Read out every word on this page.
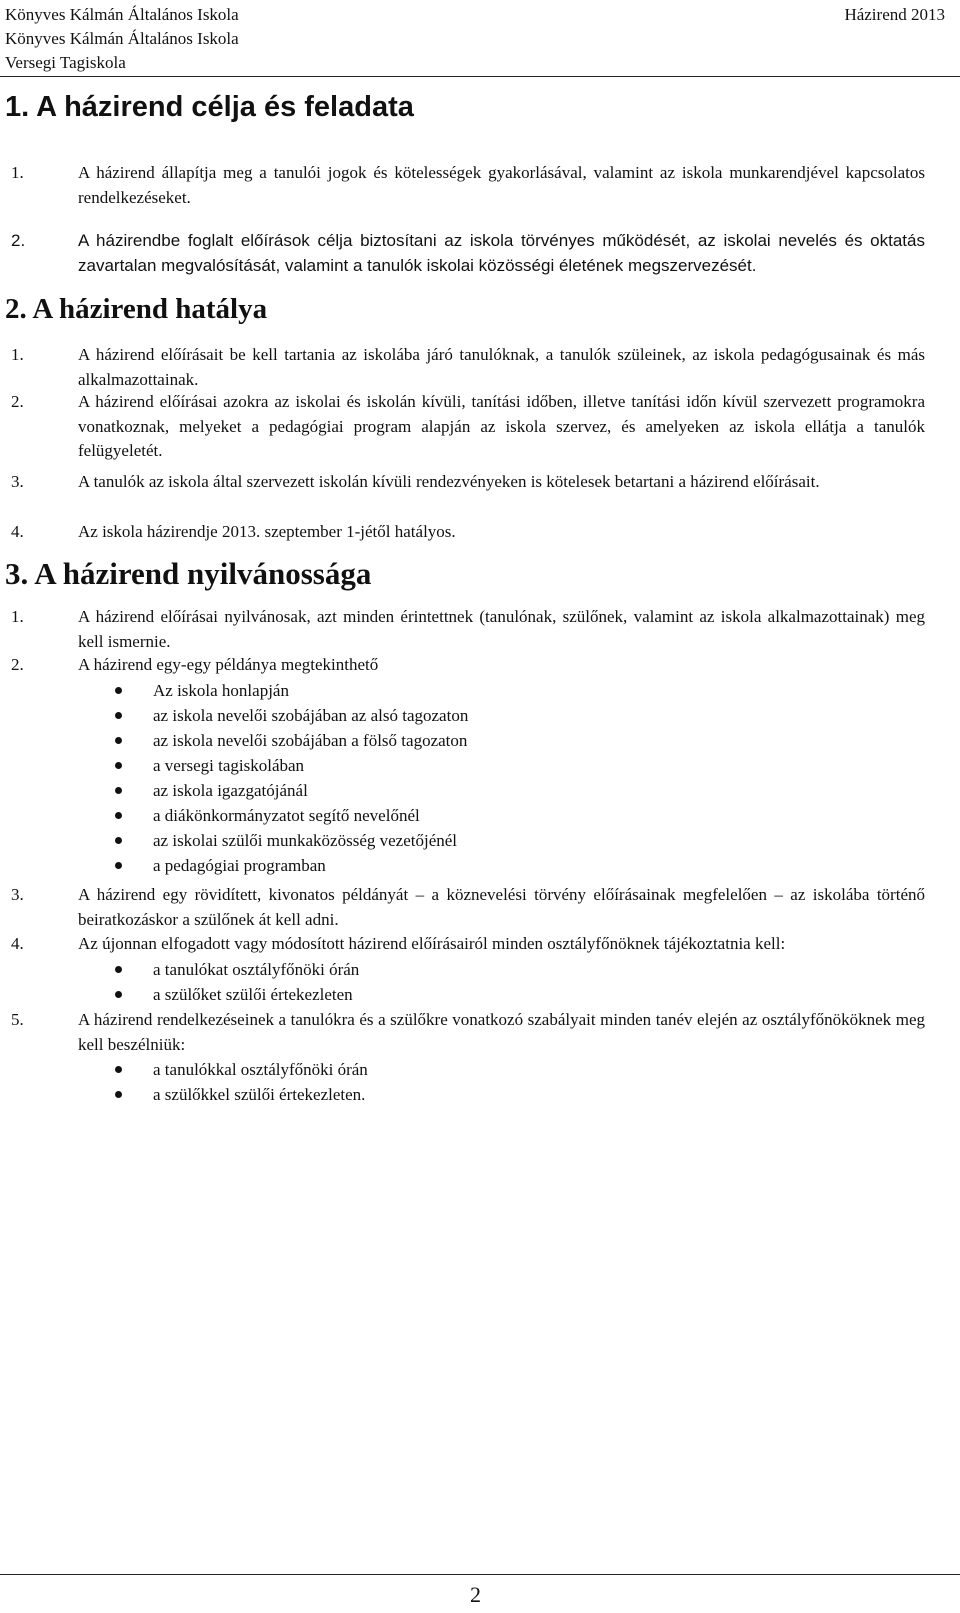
Könyves Kálmán Általános Iskola	Házirend 2013
Könyves Kálmán Általános Iskola
Versegi Tagiskola
1. A házirend célja és feladata
1.	A házirend állapítja meg a tanulói jogok és kötelességek gyakorlásával, valamint az iskola munkarendjével kapcsolatos rendelkezéseket.
2.	A házirendbe foglalt előírások célja biztosítani az iskola törvényes működését, az iskolai nevelés és oktatás zavartalan megvalósítását, valamint a tanulók iskolai közösségi életének megszervezését.
2. A házirend hatálya
1.	A házirend előírásait be kell tartania az iskolába járó tanulóknak, a tanulók szüleinek, az iskola pedagógusainak és más alkalmazottainak.
2.	A házirend előírásai azokra az iskolai és iskolán kívüli, tanítási időben, illetve tanítási időn kívül szervezett programokra vonatkoznak, melyeket a pedagógiai program alapján az iskola szervez, és amelyeken az iskola ellátja a tanulók felügyeletét.
3.	A tanulók az iskola által szervezett iskolán kívüli rendezvényeken is kötelesek betartani a házirend előírásait.
4.	Az iskola házirendje 2013. szeptember 1-jétől hatályos.
3. A házirend nyilvánossága
1.	A házirend előírásai nyilvánosak, azt minden érintettnek (tanulónak, szülőnek, valamint az iskola alkalmazottainak) meg kell ismernie.
2.	A házirend egy-egy példánya megtekinthető
Az iskola honlapján
az iskola nevelői szobájában az alsó tagozaton
az iskola nevelői szobájában a fölső tagozaton
a versegi tagiskolában
az iskola igazgatójánál
a diákönkormányzatot segítő nevelőnél
az iskolai szülői munkaközösség vezetőjénél
a pedagógiai programban
3.	A házirend egy rövidített, kivonatos példányát – a köznevelési törvény előírásainak megfelelően – az iskolába történő beiratkozáskor a szülőnek át kell adni.
4.	Az újonnan elfogadott vagy módosított házirend előírásairól minden osztályfőnöknek tájékoztatnia kell:
a tanulókat osztályfőnöki órán
a szülőket szülői értekezleten
5.	A házirend rendelkezéseinek a tanulókra és a szülőkre vonatkozó szabályait minden tanév elején az osztályfőnököknek meg kell beszélniük:
a tanulókkal osztályfőnöki órán
a szülőkkel szülői értekezleten.
2
